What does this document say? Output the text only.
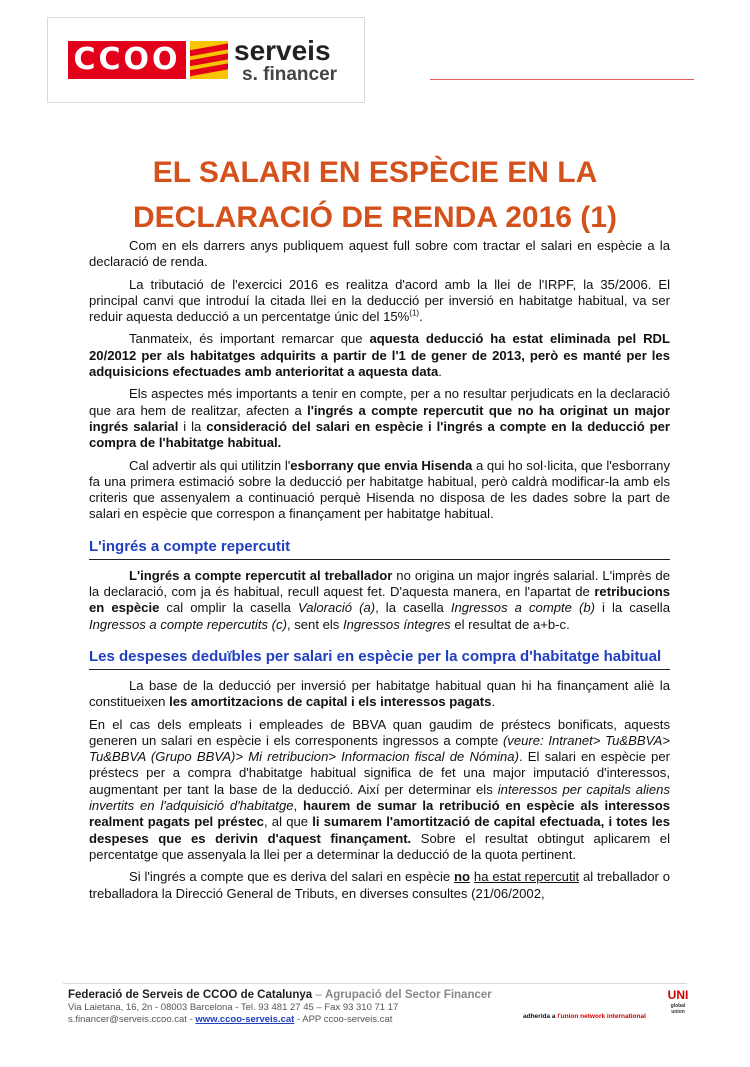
CCOO serveis
s. financer
EL SALARI EN ESPÈCIE EN LA
DECLARACIÓ DE RENDA 2016 (1)

Com en els darrers anys publiquem aquest full sobre com tractar el salari en espècie a la declaració de renda.

La tributació de l'exercici 2016 es realitza d'acord amb la llei de l'IRPF, la 35/2006. El principal canvi que introduí la citada llei en la deducció per inversió en habitatge habitual, va ser reduir aquesta deducció a un percentatge únic del 15%$^{(1)}$.

Tanmateix, és important remarcar que aquesta deducció ha estat eliminada pel RDL 20/2012 per als habitatges adquirits a partir de l'1 de gener de 2013, però es manté per les adquisicions efectuades amb anterioritat a aquesta data.

Els aspectes més importants a tenir en compte, per a no resultar perjudicats en la declaració que ara hem de realitzar, afecten a l'ingrés a compte repercutit que no ha originat un major ingrés salarial i la consideració del salari en espècie i l'ingrés a compte en la deducció per compra de l'habitatge habitual.

Cal advertir als qui utilitzin l'esborrany que envia Hisenda a qui ho sol·licita, que l'esborrany fa una primera estimació sobre la deducció per habitatge habitual, però caldrà modificar-la amb els criteris que assenyalem a continuació perquè Hisenda no disposa de les dades sobre la part de salari en espècie que correspon a finançament per habitatge habitual.

L'ingrés a compte repercutit

L'ingrés a compte repercutit al treballador no origina un major ingrés salarial. L'imprès de la declaració, com ja és habitual, recull aquest fet. D'aquesta manera, en l'apartat de retribucions en espècie cal omplir la casella Valoració (a), la casella Ingressos a compte (b) i la casella Ingressos a compte repercutits (c), sent els Ingressos íntegres el resultat de a+b-c.

Les despeses deduïbles per salari en espècie per la compra d'habitatge habitual

La base de la deducció per inversió per habitatge habitual quan hi ha finançament aliè la constitueixen les amortitzacions de capital i els interessos pagats.

En el cas dels empleats i empleades de BBVA quan gaudim de préstecs bonificats, aquests generen un salari en espècie i els corresponents ingressos a compte (veure: Intranet> Tu&BBVA> Tu&BBVA (Grupo BBVA)> Mi retribucion> Informacion fiscal de Nómina). El salari en espècie per préstecs per a compra d'habitatge habitual significa de fet una major imputació d'interessos, augmentant per tant la base de la deducció. Així per determinar els interessos per capitals aliens invertits en l'adquisició d'habitatge, haurem de sumar la retribució en espècie als interessos realment pagats pel préstec, al que li sumarem l'amortització de capital efectuada, i totes les despeses que es derivin d'aquest finançament. Sobre el resultat obtingut aplicarem el percentatge que assenyala la llei per a determinar la deducció de la quota pertinent.

Si l'ingrés a compte que es deriva del salari en espècie no ha estat repercutit al treballador o treballadora la Direcció General de Tributs, en diverses consultes (21/06/2002,

Federació de Serveis de CCOO de Catalunya – Agrupació del Sector Financer
Via Laietana, 16, 2n - 08003 Barcelona - Tel. 93 481 27 45 – Fax 93 310 71 17
s.financer@serveis.ccoo.cat - www.ccoo-serveis.cat - APP ccoo-serveis.cat
UNI
global
union
adherida a l'union network international
